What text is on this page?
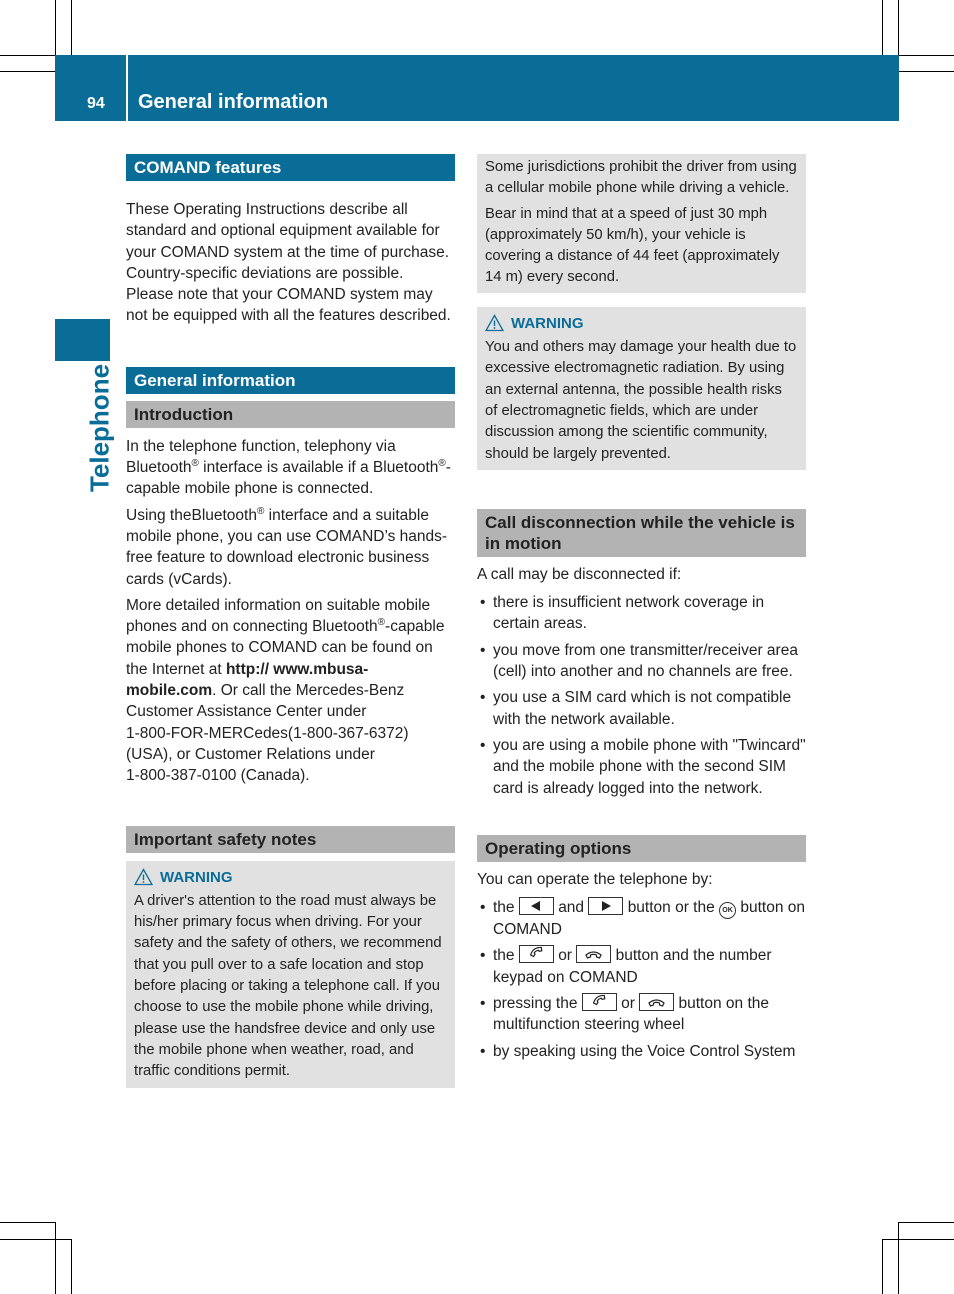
94 General information
Telephone
COMAND features

These Operating Instructions describe all standard and optional equipment available for your COMAND system at the time of purchase. Country-specific deviations are possible. Please note that your COMAND system may not be equipped with all the features described.

General information
Introduction

In the telephone function, telephony via Bluetooth® interface is available if a Bluetooth®-capable mobile phone is connected.

Using theBluetooth® interface and a suitable mobile phone, you can use COMAND’s hands-free feature to download electronic business cards (vCards).

More detailed information on suitable mobile phones and on connecting Bluetooth®-capable mobile phones to COMAND can be found on the Internet at http:// www.mbusa-mobile.com. Or call the Mercedes-Benz Customer Assistance Center under
1-800-FOR-MERCedes(1-800-367-6372)
(USA), or Customer Relations under
1-800-387-0100 (Canada).

Important safety notes
WARNING
A driver's attention to the road must always be his/her primary focus when driving. For your safety and the safety of others, we recommend that you pull over to a safe location and stop before placing or taking a telephone call. If you choose to use the mobile phone while driving, please use the handsfree device and only use the mobile phone when weather, road, and traffic conditions permit.
Some jurisdictions prohibit the driver from using a cellular mobile phone while driving a vehicle.
Bear in mind that at a speed of just 30 mph (approximately 50 km/h), your vehicle is covering a distance of 44 feet (approximately 14 m) every second.
WARNING
You and others may damage your health due to excessive electromagnetic radiation. By using an external antenna, the possible health risks of electromagnetic fields, which are under discussion among the scientific community, should be largely prevented.
Call disconnection while the vehicle is in motion

A call may be disconnected if:

• there is insufficient network coverage in certain areas.
• you move from one transmitter/receiver area (cell) into another and no channels are free.
• you use a SIM card which is not compatible with the network available.
• you are using a mobile phone with "Twincard" and the mobile phone with the second SIM card is already logged into the network.
Operating options

You can operate the telephone by:

• the	and	button or the OK button on COMAND
• the	or	button and the number keypad on COMAND
• pressing the	or	button on the multifunction steering wheel
• by speaking using the Voice Control System
